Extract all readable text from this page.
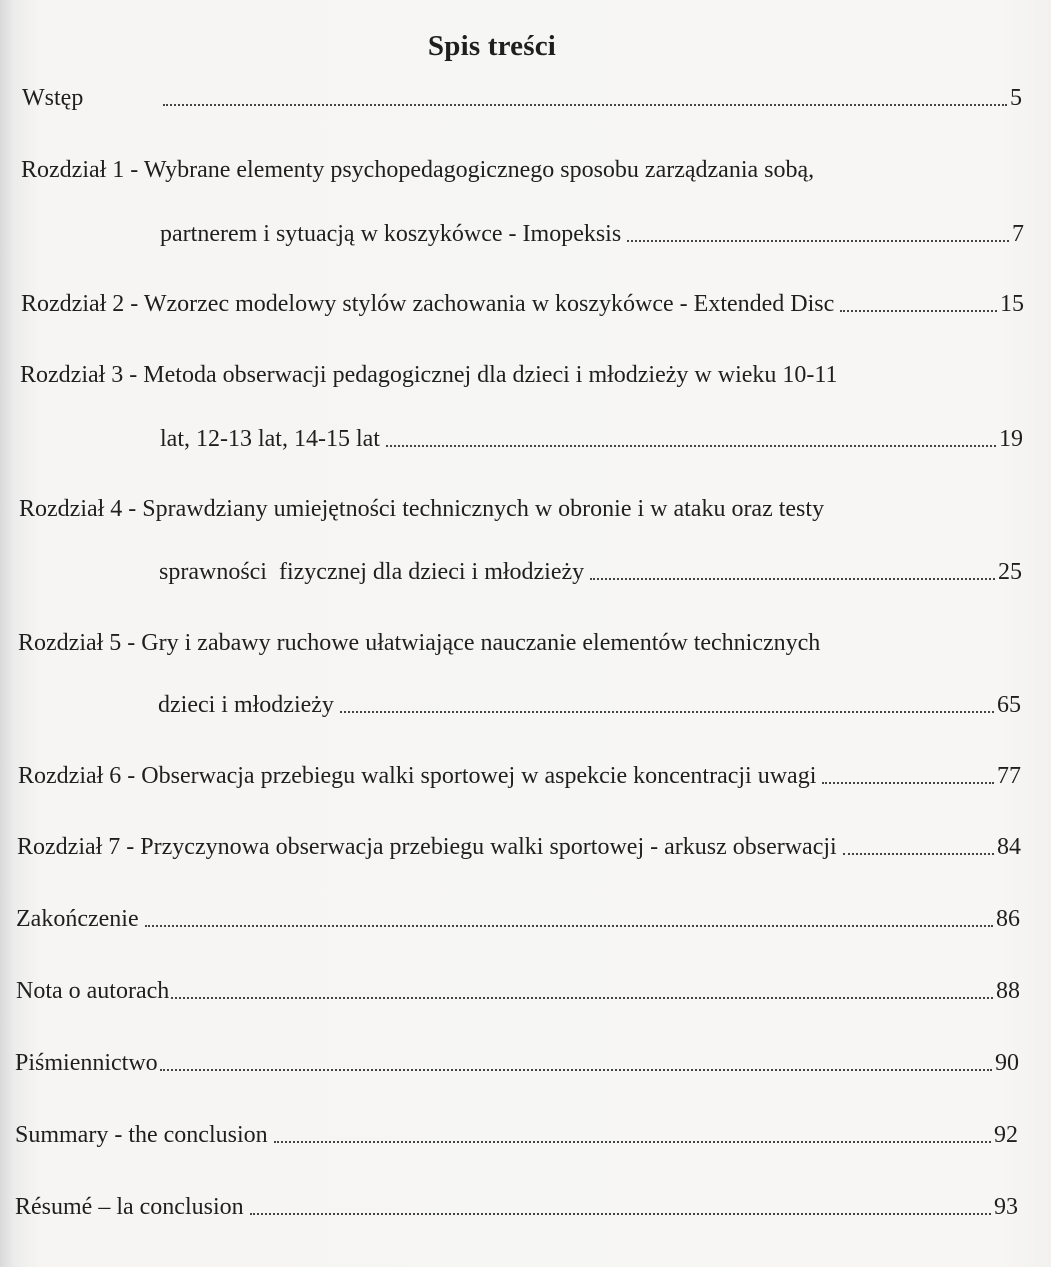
Spis treści
Wstęp	5
Rozdział 1 - Wybrane elementy psychopedagogicznego sposobu zarządzania sobą,
partnerem i sytuacją w koszykówce - Imopeksis	7
Rozdział 2 - Wzorzec modelowy stylów zachowania w koszykówce - Extended Disc	15
Rozdział 3 - Metoda obserwacji pedagogicznej dla dzieci i młodzieży w wieku 10-11
lat, 12-13 lat, 14-15 lat	19
Rozdział 4 - Sprawdziany umiejętności technicznych w obronie i w ataku oraz testy
sprawności  fizycznej dla dzieci i młodzieży	25
Rozdział 5 - Gry i zabawy ruchowe ułatwiające nauczanie elementów technicznych
dzieci i młodzieży	65
Rozdział 6 - Obserwacja przebiegu walki sportowej w aspekcie koncentracji uwagi	77
Rozdział 7 - Przyczynowa obserwacja przebiegu walki sportowej - arkusz obserwacji	84
Zakończenie	86
Nota o autorach	88
Piśmiennictwo	90
Summary - the conclusion	92
Résumé – la conclusion	93
